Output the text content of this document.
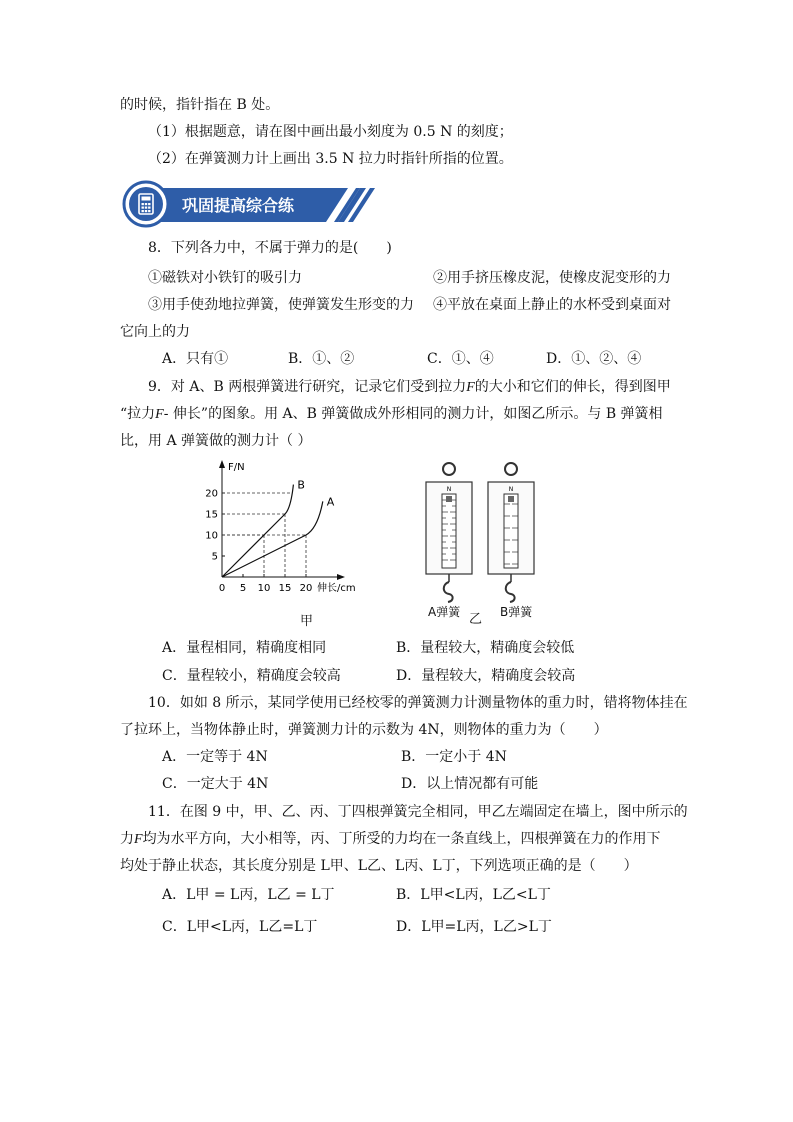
的时候，指针指在 B 处。
（1）根据题意，请在图中画出最小刻度为 0.5 N 的刻度；
（2）在弹簧测力计上画出 3.5 N 拉力时指针所指的位置。
巩固提高综合练
8．下列各力中，不属于弹力的是(　　)
①磁铁对小铁钉的吸引力	②用手挤压橡皮泥，使橡皮泥变形的力
③用手使劲地拉弹簧，使弹簧发生形变的力 ④平放在桌面上静止的水杯受到桌面对
它向上的力
A．只有①	B．①、②	C．①、④	D．①、②、④
9．对 A、B 两根弹簧进行研究，记录它们受到拉力F的大小和它们的伸长，得到图甲
“拉力F- 伸长”的图象。用 A、B 弹簧做成外形相同的测力计，如图乙所示。与 B 弹簧相
比，用 A 弹簧做的测力计（ ）
5
10
15
20
0 5 10 15 20
B
A
F/N
伸长/cm
甲
N	N
A弹簧 乙 B弹簧
A．量程相同，精确度相同	B．量程较大，精确度会较低
C．量程较小，精确度会较高	D．量程较大，精确度会较高
10．如如 8 所示，某同学使用已经校零的弹簧测力计测量物体的重力时，错将物体挂在
了拉环上，当物体静止时，弹簧测力计的示数为 4N，则物体的重力为（　　）
A．一定等于 4N	B．一定小于 4N
C．一定大于 4N	D．以上情况都有可能
11．在图 9 中，甲、乙、丙、丁四根弹簧完全相同，甲乙左端固定在墙上，图中所示的
力F均为水平方向，大小相等，丙、丁所受的力均在一条直线上，四根弹簧在力的作用下
均处于静止状态，其长度分别是 L甲、L乙、L丙、L丁，下列选项正确的是（　　）
A．L甲 = L丙，L乙 = L丁	B．L甲<L丙，L乙<L丁
C．L甲<L丙，L乙=L丁	D．L甲=L丙，L乙>L丁
